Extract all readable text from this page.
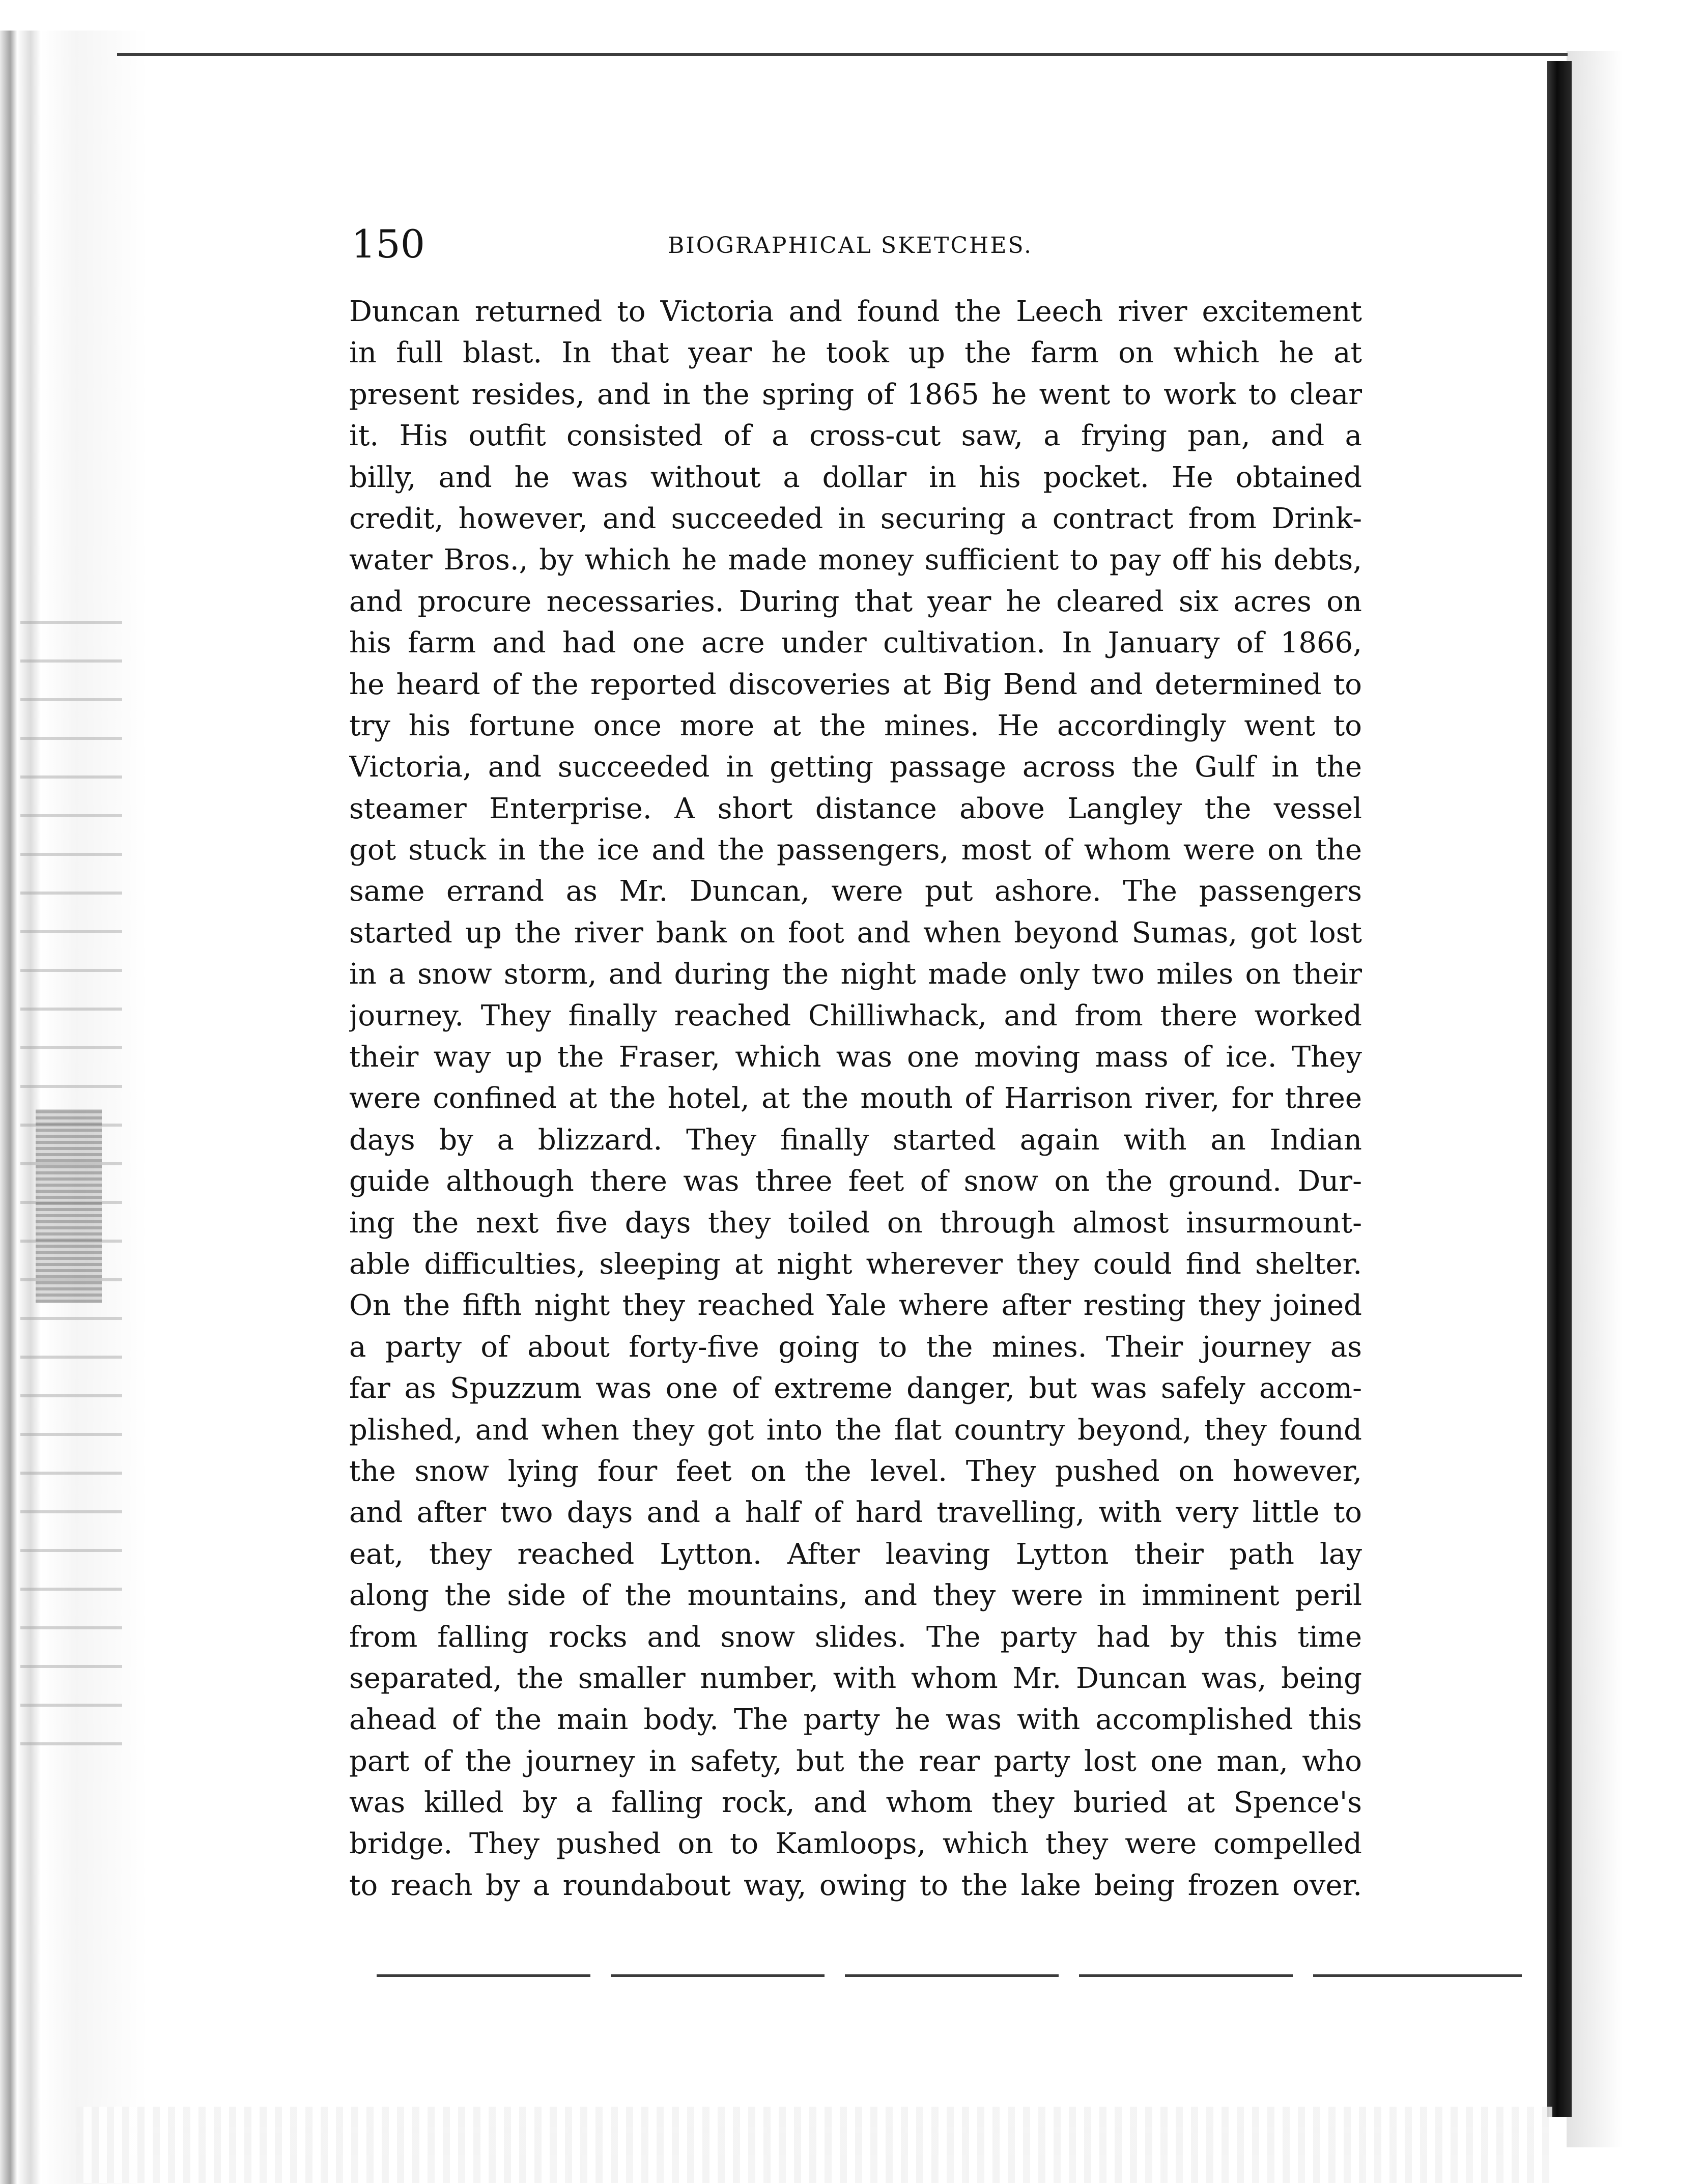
150	BIOGRAPHICAL SKETCHES.
Duncan returned to Victoria and found the Leech river excitement
in full blast. In that year he took up the farm on which he at
present resides, and in the spring of 1865 he went to work to clear
it. His outfit consisted of a cross-cut saw, a frying pan, and a
billy, and he was without a dollar in his pocket. He obtained
credit, however, and succeeded in securing a contract from Drink-
water Bros., by which he made money sufficient to pay off his debts,
and procure necessaries. During that year he cleared six acres on
his farm and had one acre under cultivation. In January of 1866,
he heard of the reported discoveries at Big Bend and determined to
try his fortune once more at the mines. He accordingly went to
Victoria, and succeeded in getting passage across the Gulf in the
steamer Enterprise. A short distance above Langley the vessel
got stuck in the ice and the passengers, most of whom were on the
same errand as Mr. Duncan, were put ashore. The passengers
started up the river bank on foot and when beyond Sumas, got lost
in a snow storm, and during the night made only two miles on their
journey. They finally reached Chilliwhack, and from there worked
their way up the Fraser, which was one moving mass of ice. They
were confined at the hotel, at the mouth of Harrison river, for three
days by a blizzard. They finally started again with an Indian
guide although there was three feet of snow on the ground. Dur-
ing the next five days they toiled on through almost insurmount-
able difficulties, sleeping at night wherever they could find shelter.
On the fifth night they reached Yale where after resting they joined
a party of about forty-five going to the mines. Their journey as
far as Spuzzum was one of extreme danger, but was safely accom-
plished, and when they got into the flat country beyond, they found
the snow lying four feet on the level. They pushed on however,
and after two days and a half of hard travelling, with very little to
eat, they reached Lytton. After leaving Lytton their path lay
along the side of the mountains, and they were in imminent peril
from falling rocks and snow slides. The party had by this time
separated, the smaller number, with whom Mr. Duncan was, being
ahead of the main body. The party he was with accomplished this
part of the journey in safety, but the rear party lost one man, who
was killed by a falling rock, and whom they buried at Spence's
bridge. They pushed on to Kamloops, which they were compelled
to reach by a roundabout way, owing to the lake being frozen over.
